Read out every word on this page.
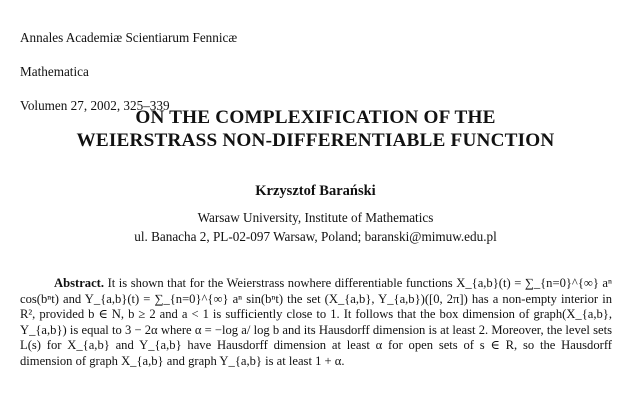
Annales Academiæ Scientiarum Fennicæ

Mathematica

Volumen 27, 2002, 325–339

ON THE COMPLEXIFICATION OF THE
WEIERSTRASS NON-DIFFERENTIABLE FUNCTION
Krzysztof Barański
Warsaw University, Institute of Mathematics
ul. Banacha 2, PL-02-097 Warsaw, Poland; baranski@mimuw.edu.pl
Abstract. It is shown that for the Weierstrass nowhere differentiable functions X_{a,b}(t) = ∑_{n=0}^{∞} aⁿ cos(bⁿt) and Y_{a,b}(t) = ∑_{n=0}^{∞} aⁿ sin(bⁿt) the set (X_{a,b}, Y_{a,b})([0, 2π]) has a non-empty interior in R², provided b ∈ N, b ≥ 2 and a < 1 is sufficiently close to 1. It follows that the box dimension of graph(X_{a,b}, Y_{a,b}) is equal to 3 − 2α where α = −log a/ log b and its Hausdorff dimension is at least 2. Moreover, the level sets L(s) for X_{a,b} and Y_{a,b} have Hausdorff dimension at least α for open sets of s ∈ R, so the Hausdorff dimension of graph X_{a,b} and graph Y_{a,b} is at least 1 + α.
